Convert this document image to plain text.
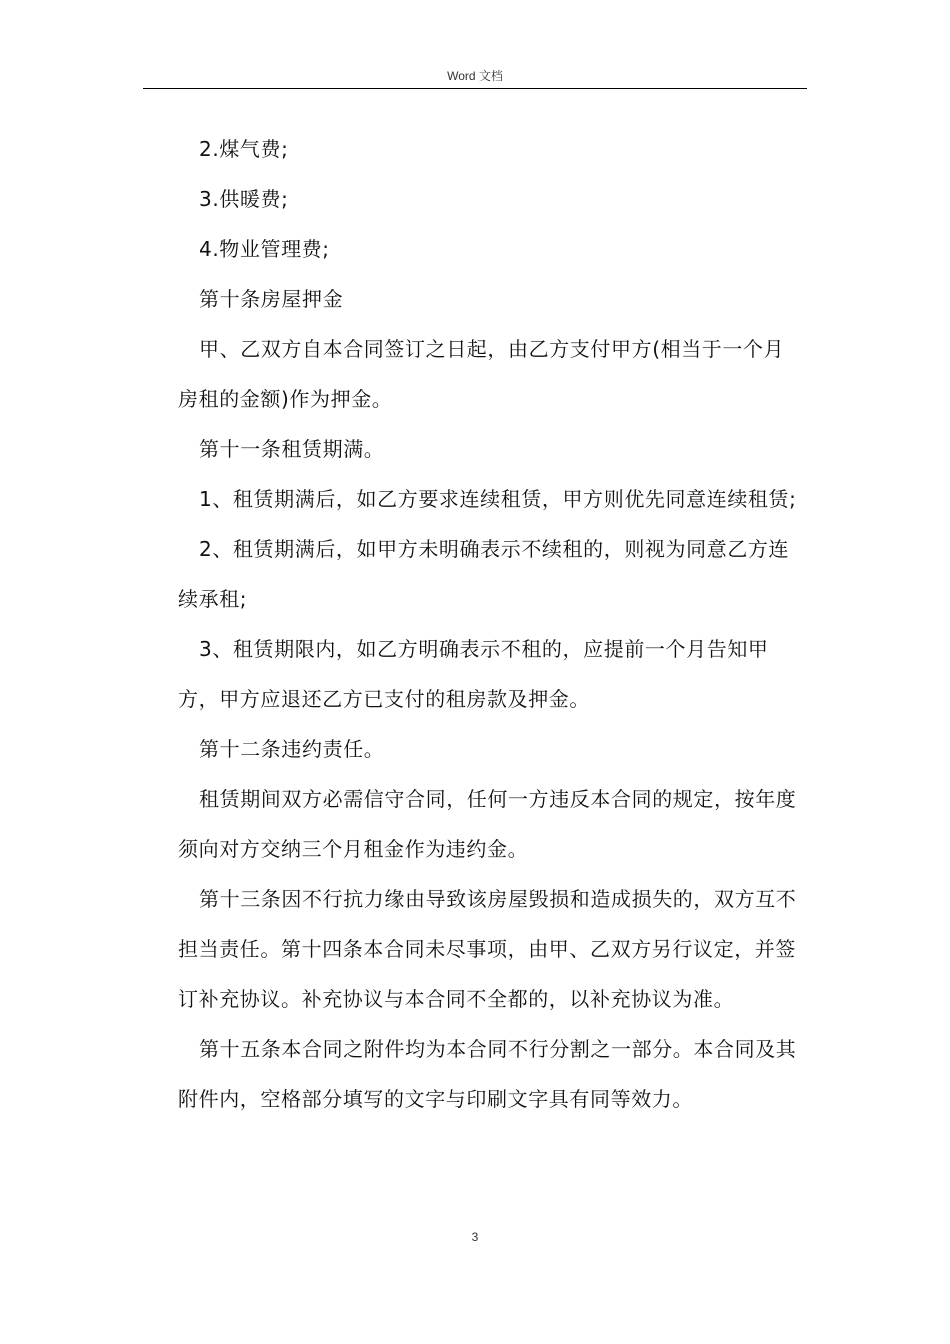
Word 文档

2.煤气费;

3.供暖费;

4.物业管理费;

第十条房屋押金

甲、乙双方自本合同签订之日起，由乙方支付甲方(相当于一个月房租的金额)作为押金。

第十一条租赁期满。

1、租赁期满后，如乙方要求连续租赁，甲方则优先同意连续租赁;

2、租赁期满后，如甲方未明确表示不续租的，则视为同意乙方连续承租;

3、租赁期限内，如乙方明确表示不租的，应提前一个月告知甲方，甲方应退还乙方已支付的租房款及押金。

第十二条违约责任。

租赁期间双方必需信守合同，任何一方违反本合同的规定，按年度须向对方交纳三个月租金作为违约金。

第十三条因不行抗力缘由导致该房屋毁损和造成损失的，双方互不担当责任。第十四条本合同未尽事项，由甲、乙双方另行议定，并签订补充协议。补充协议与本合同不全都的，以补充协议为准。

第十五条本合同之附件均为本合同不行分割之一部分。本合同及其附件内，空格部分填写的文字与印刷文字具有同等效力。

3
